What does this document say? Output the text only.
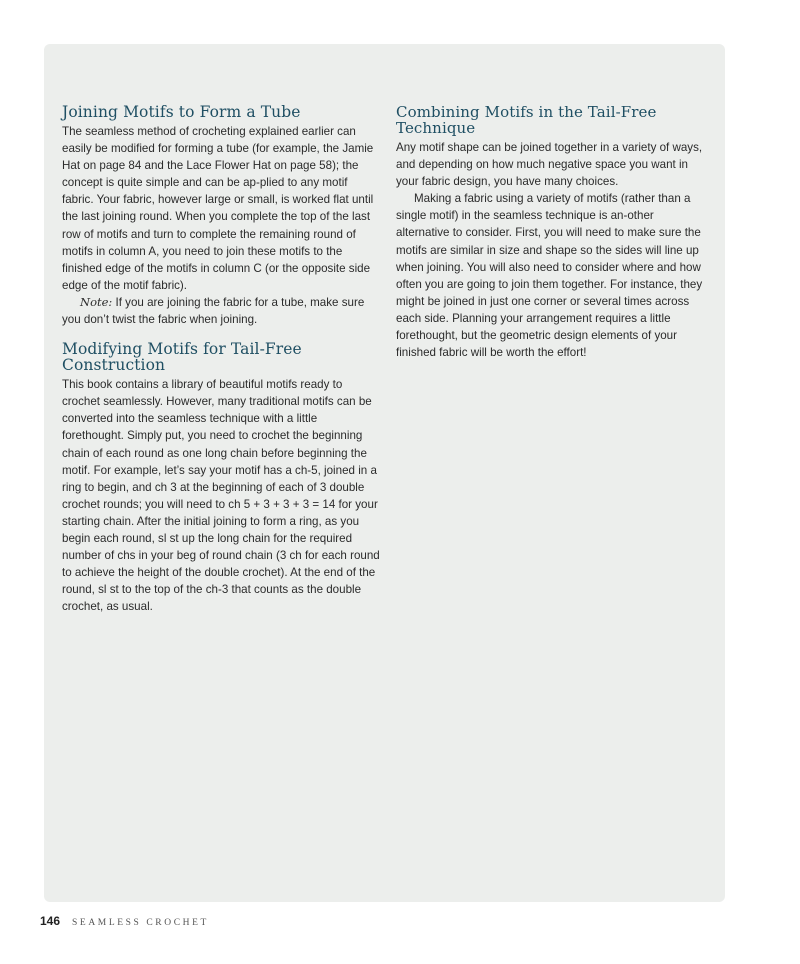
Joining Motifs to Form a Tube

The seamless method of crocheting explained earlier can easily be modified for forming a tube (for example, the Jamie Hat on page 84 and the Lace Flower Hat on page 58); the concept is quite simple and can be ap-plied to any motif fabric. Your fabric, however large or small, is worked flat until the last joining round. When you complete the top of the last row of motifs and turn to complete the remaining round of motifs in column A, you need to join these motifs to the finished edge of the motifs in column C (or the opposite side edge of the motif fabric).

Note: If you are joining the fabric for a tube, make sure you don’t twist the fabric when joining.

Modifying Motifs for Tail-Free Construction

This book contains a library of beautiful motifs ready to crochet seamlessly. However, many traditional motifs can be converted into the seamless technique with a little forethought. Simply put, you need to crochet the beginning chain of each round as one long chain before beginning the motif. For example, let’s say your motif has a ch-5, joined in a ring to begin, and ch 3 at the beginning of each of 3 double crochet rounds; you will need to ch 5 + 3 + 3 + 3 = 14 for your starting chain. After the initial joining to form a ring, as you begin each round, sl st up the long chain for the required number of chs in your beg of round chain (3 ch for each round to achieve the height of the double crochet). At the end of the round, sl st to the top of the ch-3 that counts as the double crochet, as usual.

Combining Motifs in the Tail-Free Technique

Any motif shape can be joined together in a variety of ways, and depending on how much negative space you want in your fabric design, you have many choices.

Making a fabric using a variety of motifs (rather than a single motif) in the seamless technique is an-other alternative to consider. First, you will need to make sure the motifs are similar in size and shape so the sides will line up when joining. You will also need to consider where and how often you are going to join them together. For instance, they might be joined in just one corner or several times across each side. Planning your arrangement requires a little forethought, but the geometric design elements of your finished fabric will be worth the effort!

146 SEAMLESS CROCHET
